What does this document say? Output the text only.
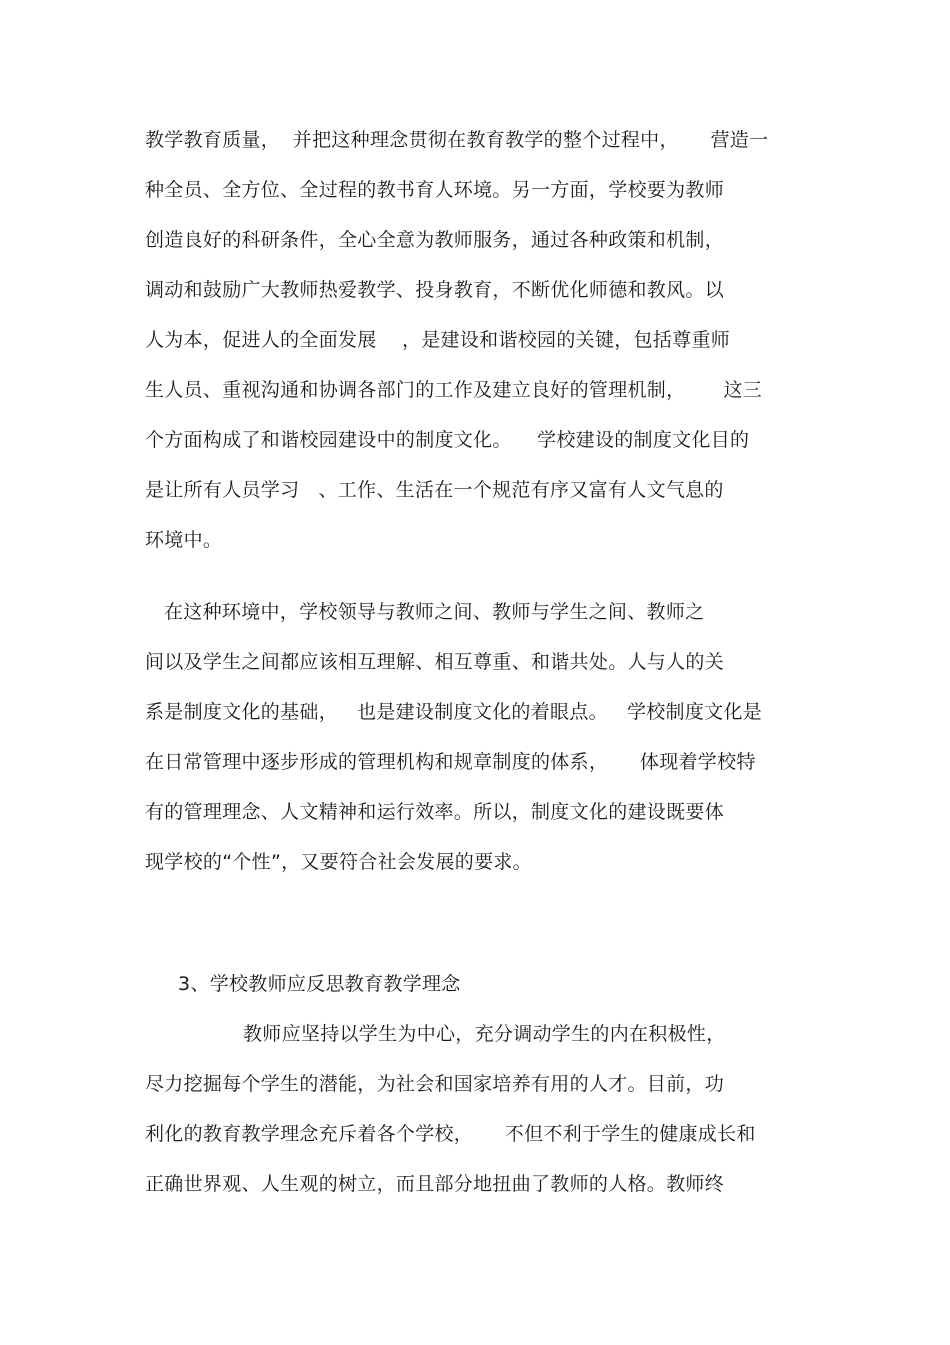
教学教育质量，  并把这种理念贯彻在教育教学的整个过程中，     营造一
种全员、全方位、全过程的教书育人环境。另一方面，学校要为教师
创造良好的科研条件，全心全意为教师服务，通过各种政策和机制，
调动和鼓励广大教师热爱教学、投身教育，不断优化师德和教风。以
人为本，促进人的全面发展    ，是建设和谐校园的关键，包括尊重师
生人员、重视沟通和协调各部门的工作及建立良好的管理机制，      这三
个方面构成了和谐校园建设中的制度文化。    学校建设的制度文化目的
是让所有人员学习   、工作、生活在一个规范有序又富有人文气息的
环境中。
在这种环境中，学校领导与教师之间、教师与学生之间、教师之
间以及学生之间都应该相互理解、相互尊重、和谐共处。人与人的关
系是制度文化的基础，   也是建设制度文化的着眼点。   学校制度文化是
在日常管理中逐步形成的管理机构和规章制度的体系，     体现着学校特
有的管理理念、人文精神和运行效率。所以，制度文化的建设既要体
现学校的“个性”，又要符合社会发展的要求。
3、学校教师应反思教育教学理念
教师应坚持以学生为中心，充分调动学生的内在积极性，
尽力挖掘每个学生的潜能，为社会和国家培养有用的人才。目前，功
利化的教育教学理念充斥着各个学校，     不但不利于学生的健康成长和
正确世界观、人生观的树立，而且部分地扭曲了教师的人格。教师终
